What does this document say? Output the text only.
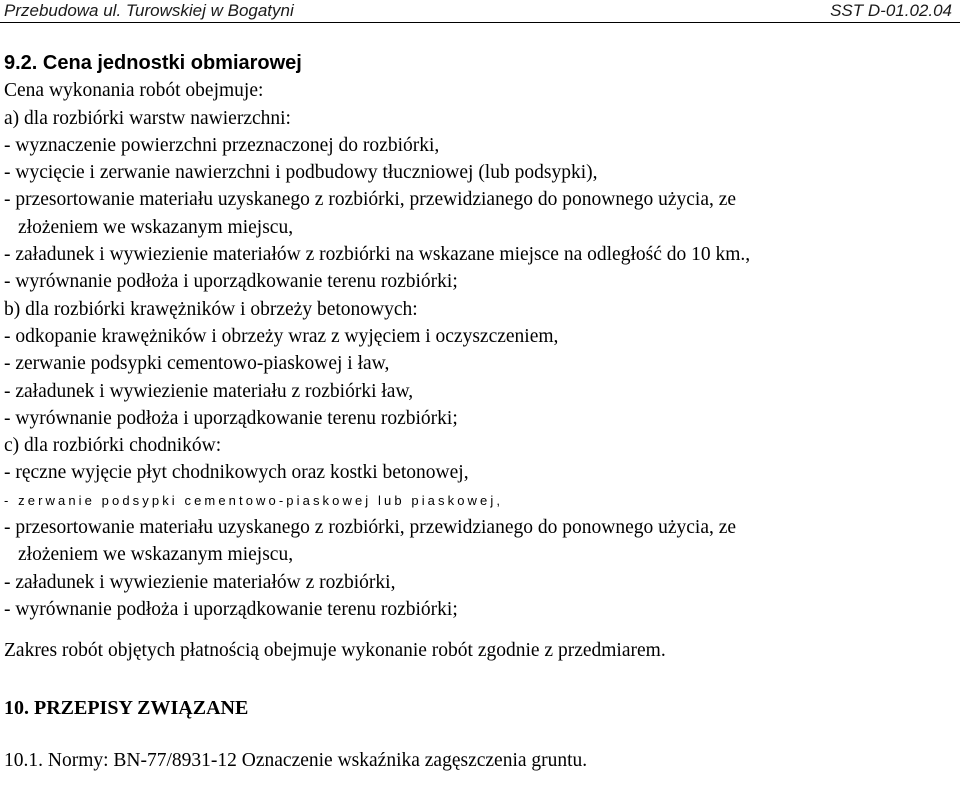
Przebudowa ul. Turowskiej w Bogatyni	SST D-01.02.04
9.2. Cena jednostki obmiarowej
Cena wykonania robót obejmuje:
a) dla rozbiórki warstw nawierzchni:
- wyznaczenie powierzchni przeznaczonej do rozbiórki,
- wycięcie i zerwanie nawierzchni i podbudowy tłuczniowej (lub podsypki),
- przesortowanie materiału uzyskanego z rozbiórki, przewidzianego do ponownego użycia, ze
złożeniem we wskazanym miejscu,
- załadunek i wywiezienie materiałów z rozbiórki na wskazane miejsce na odległość do 10 km.,
- wyrównanie podłoża i uporządkowanie terenu rozbiórki;
b) dla rozbiórki krawężników i obrzeży betonowych:
- odkopanie krawężników i obrzeży wraz z wyjęciem i oczyszczeniem,
- zerwanie podsypki cementowo-piaskowej i ław,
- załadunek i wywiezienie materiału z rozbiórki ław,
- wyrównanie podłoża i uporządkowanie terenu rozbiórki;
c) dla rozbiórki chodników:
- ręczne wyjęcie płyt chodnikowych oraz kostki betonowej,
- zerwanie podsypki cementowo-piaskowej lub piaskowej,
- przesortowanie materiału uzyskanego z rozbiórki, przewidzianego do ponownego użycia, ze
złożeniem we wskazanym miejscu,
- załadunek i wywiezienie materiałów z rozbiórki,
- wyrównanie podłoża i uporządkowanie terenu rozbiórki;
Zakres robót objętych płatnością obejmuje wykonanie robót zgodnie z przedmiarem.
10. PRZEPISY ZWIĄZANE
10.1. Normy: BN-77/8931-12 Oznaczenie wskaźnika zagęszczenia gruntu.
